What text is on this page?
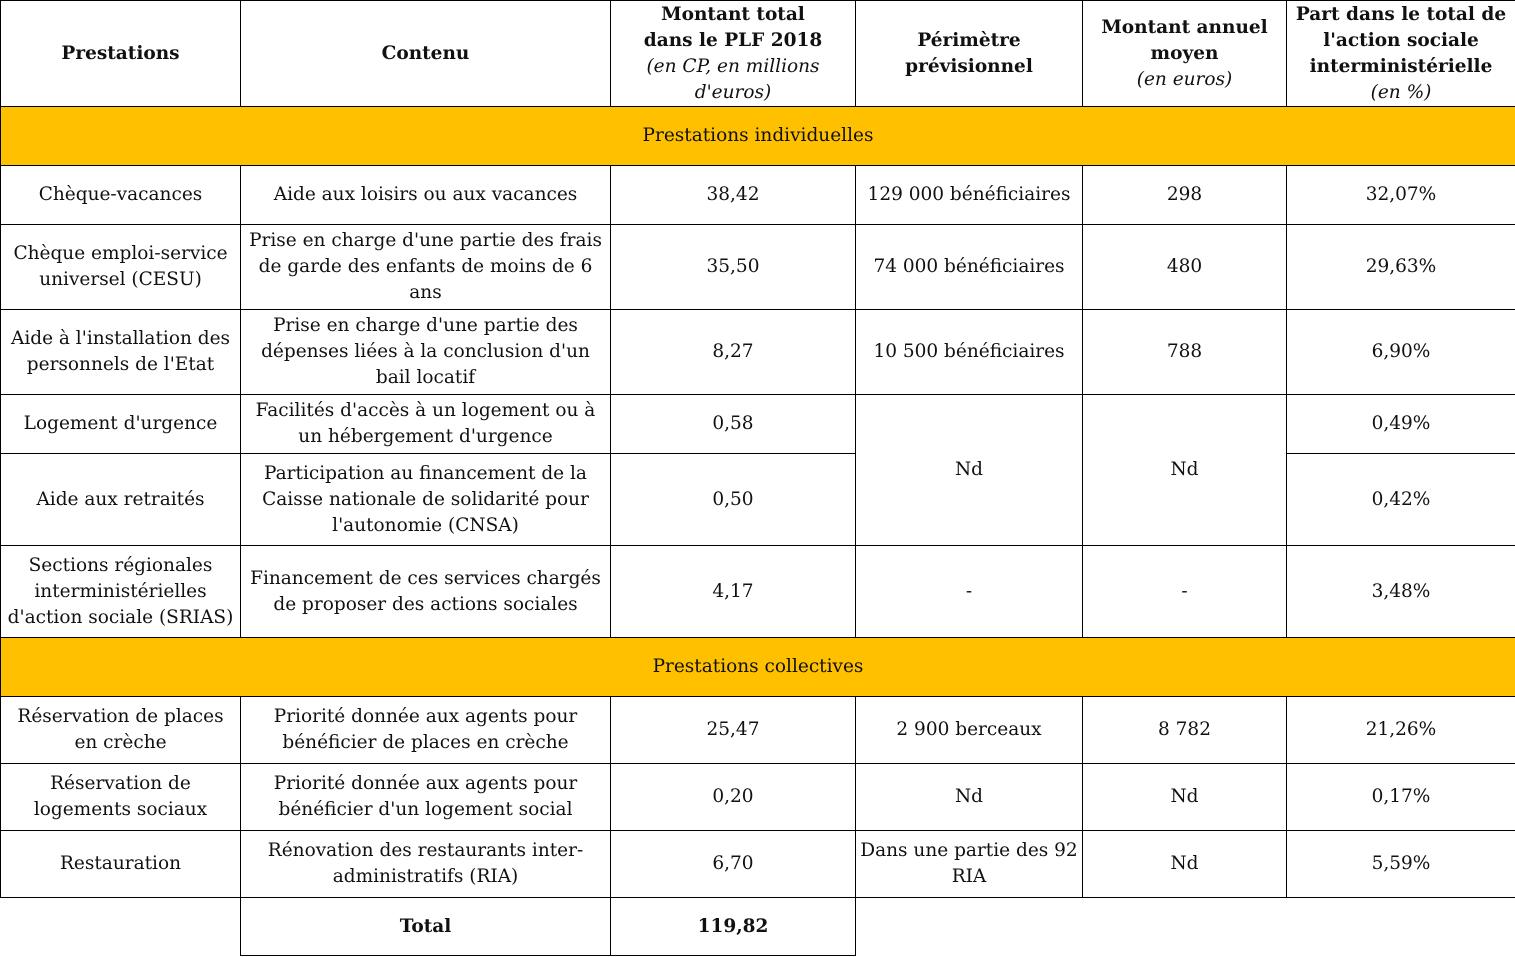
Prestations	Contenu	Montant total
dans le PLF 2018
(en CP, en millions d'euros)	Périmètre
prévisionnel	Montant annuel
moyen
(en euros)	Part dans le total de
l'action sociale
interministérielle
(en %)

Prestations individuelles					
Chèque-vacances	Aide aux loisirs ou aux vacances	38,42	129 000 bénéficiaires	298	32,07%
Chèque emploi-service universel (CESU)	Prise en charge d'une partie des frais de garde des enfants de moins de 6 ans	35,50	74 000 bénéficiaires	480	29,63%
Aide à l'installation des personnels de l'Etat	Prise en charge d'une partie des dépenses liées à la conclusion d'un bail locatif	8,27	10 500 bénéficiaires	788	6,90%
Logement d'urgence	Facilités d'accès à un logement ou à un hébergement d'urgence	0,58	Nd	Nd	0,49%
Aide aux retraités	Participation au financement de la Caisse nationale de solidarité pour l'autonomie (CNSA)	0,50			0,42%
Sections régionales interministérielles d'action sociale (SRIAS)	Financement de ces services chargés de proposer des actions sociales	4,17	-	-	3,48%
Prestations collectives					
Réservation de places en crèche	Priorité donnée aux agents pour bénéficier de places en crèche	25,47	2 900 berceaux	8 782	21,26%
Réservation de logements sociaux	Priorité donnée aux agents pour bénéficier d'un logement social	0,20	Nd	Nd	0,17%
Restauration	Rénovation des restaurants inter-administratifs (RIA)	6,70	Dans une partie des 92 RIA	Nd	5,59%
	Total	119,82			
